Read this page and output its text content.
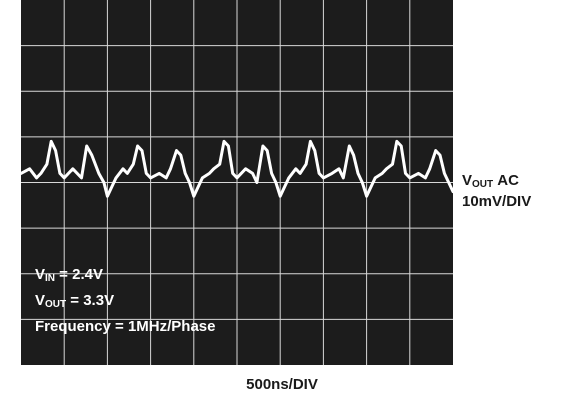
$V_{IN} = 2.4V$
$V_{OUT} = 3.3V$
Frequency = 1MHz/Phase
$V_{OUT}$ AC
10mV/DIV
500ns/DIV
